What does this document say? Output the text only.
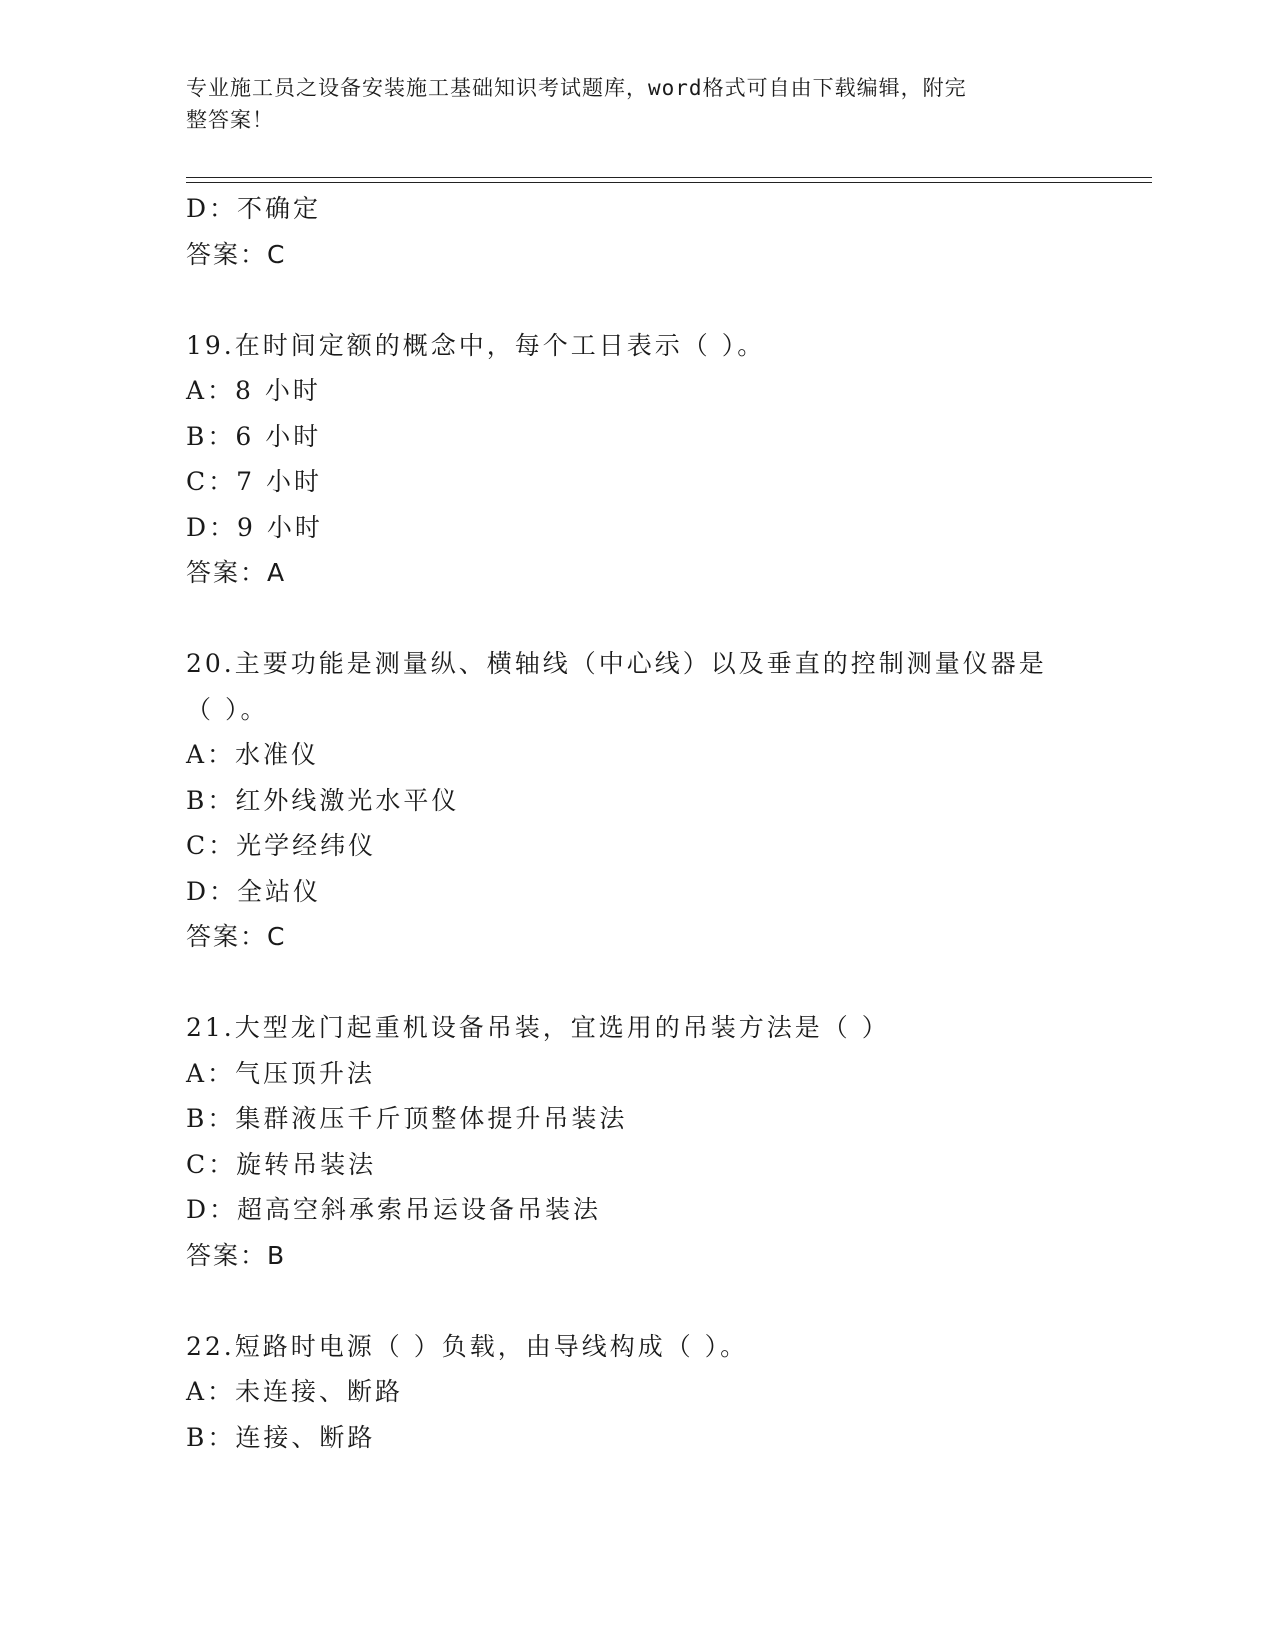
专业施工员之设备安装施工基础知识考试题库，word格式可自由下载编辑，附完
整答案！
D：不确定
答案：C
19.在时间定额的概念中，每个工日表示（ ）。
A：8 小时
B：6 小时
C：7 小时
D：9 小时
答案：A
20.主要功能是测量纵、横轴线（中心线）以及垂直的控制测量仪器是
（ ）。
A：水准仪
B：红外线激光水平仪
C：光学经纬仪
D：全站仪
答案：C
21.大型龙门起重机设备吊装，宜选用的吊装方法是（ ）
A：气压顶升法
B：集群液压千斤顶整体提升吊装法
C：旋转吊装法
D：超高空斜承索吊运设备吊装法
答案：B
22.短路时电源（ ）负载，由导线构成（ ）。
A：未连接、断路
B：连接、断路
